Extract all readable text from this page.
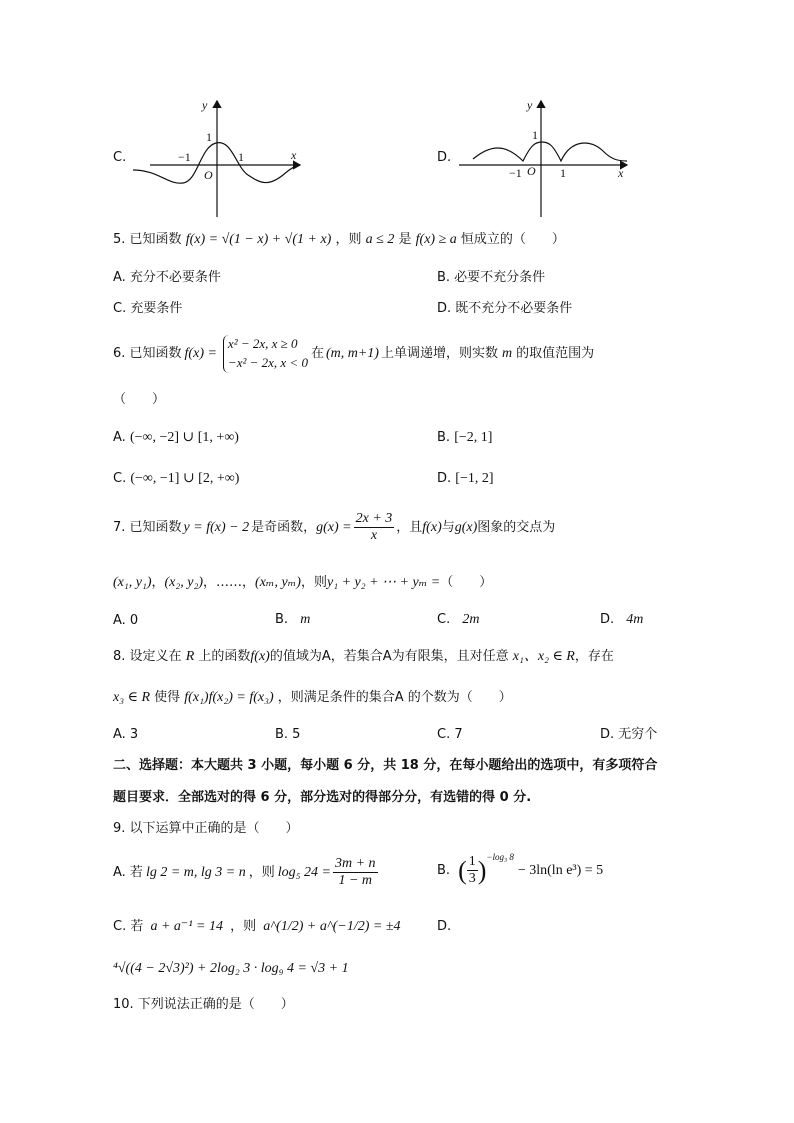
C.
y
x
1
−1	1
O
D.
y
x
1
−1	1
O
5. 已知函数 f(x) = √(1 − x) + √(1 + x) ，则 a ≤ 2 是 f(x) ≥ a 恒成立的（　　）
A. 充分不必要条件	B. 必要不充分条件
C. 充要条件	D. 既不充分不必要条件
6. 已知函数 f(x) =
x² − 2x, x ≥ 0
−x² − 2x, x < 0
在 (m, m+1) 上单调递增，则实数 m 的取值范围为
（　　）
A. (−∞, −2] ∪ [1, +∞)	B. [−2, 1]
C. (−∞, −1] ∪ [2, +∞)	D. [−1, 2]
7. 已知函数 y = f(x) − 2 是奇函数， $g(x) = \frac{2x + 3}{x}$ ，且 f(x) 与 g(x) 图象的交点为
(x₁, y₁)，(x₂, y₂)，……，(xₘ, yₘ)，则y₁ + y₂ + ⋯ + yₘ =（　　）
A. 0	B. m	C. 2m	D. 4m
8. 设定义在 R 上的函数f(x)的值域为A，若集合A为有限集，且对任意 x₁、x₂ ∈ R，存在
x₃ ∈ R 使得 f(x₁)f(x₂) = f(x₃) ，则满足条件的集合A 的个数为（　　）
A. 3	B. 5	C. 7	D. 无穷个
二、选择题：本大题共 3 小题，每小题 6 分，共 18 分，在每小题给出的选项中，有多项符合
题目要求．全部选对的得 6 分，部分选对的得部分分，有选错的得 0 分.
9. 以下运算中正确的是（　　）
A. 若 lg 2 = m, lg 3 = n ，则 log₅ $24 = \frac{3m + n}{1 - m}$	B. ( $\frac{1}{3}$ ) −log₃ 8
− 3ln(ln e³) = 5
C. 若 a + a⁻¹ = 14 ，则 a^(1/2) + a^(−1/2) = ±4	D.
⁴√((4 − 2√3)²) + 2log₂ 3 · log₉ 4 = √3 + 1
10. 下列说法正确的是（　　）
